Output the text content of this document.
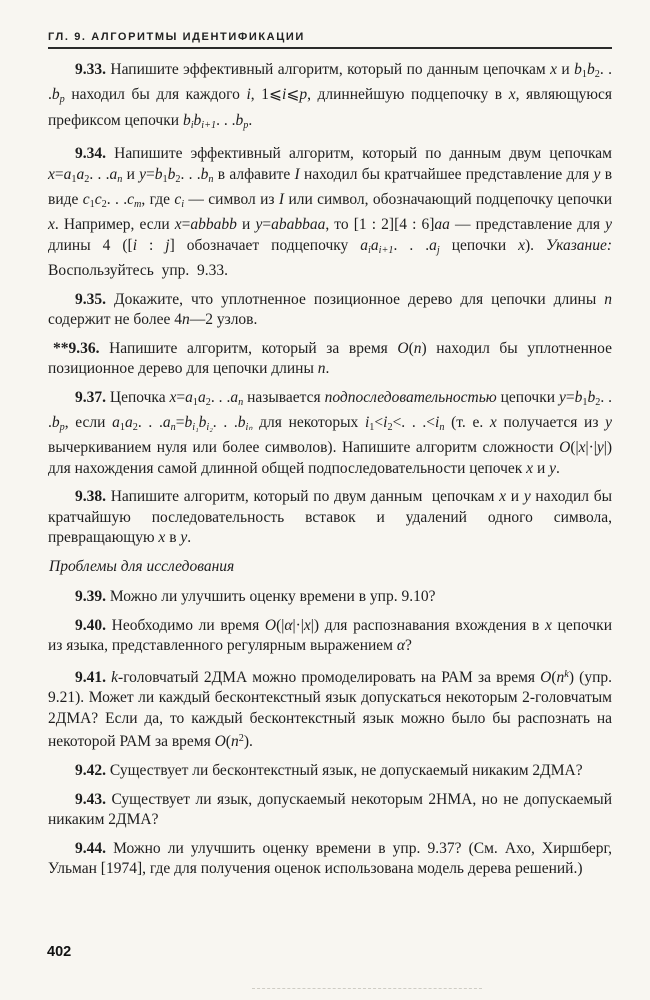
ГЛ. 9. АЛГОРИТМЫ ИДЕНТИФИКАЦИИ

9.33. Напишите эффективный алгоритм, который по данным цепочкам x и $b_1b_2$. . .bp находил бы для каждого i, 1⩽i⩽p, длиннейшую подцепочку в x, являющуюся префиксом цепочки bibi+1. . .bp.

9.34. Напишите эффективный алгоритм, который по данным двум цепочкам $x=a_1a_2$. . .an и $y=b_1b_2$. . .bn в алфавите I находил бы кратчайшее представление для y в виде $c_1c_2$. . .cm, где ci — символ из I или символ, обозначающий подцепочку цепочки x. Например, если x=abbabb и y=ababbaa, то [1 : 2][4 : 6]aa — представление для y длины 4 ([i : j] обозначает подцепочку aiai+1. . .aj цепочки x). Указание:  Воспользуйтесь  упр.  9.33.

9.35. Докажите, что уплотненное позиционное дерево для цепочки длины n содержит не более 4n—2 узлов.

**9.36. Напишите алгоритм, который за время O(n) находил бы уплотненное позиционное дерево для цепочки длины n.

9.37. Цепочка $x=a_1a_2$. . .an называется подпоследовательностью цепочки $y=b_1b_2$. . .bp, если $a_1a_2$. . .an=bi₁bi₂. . .biₙ для некоторых $i_1<i_2<$. . .<in (т. е. x получается из y вычеркиванием нуля или более символов). Напишите алгоритм сложности O(|x|·|y|) для нахождения самой длинной общей подпоследовательности цепочек x и y.

9.38. Напишите алгоритм, который по двум данным  цепочкам x и y находил бы кратчайшую последовательность вставок и удалений одного символа, превращающую x в y.

Проблемы для исследования

9.39. Можно ли улучшить оценку времени в упр. 9.10?

9.40. Необходимо ли время O(|α|·|x|) для распознавания вхождения в x цепочки из языка, представленного регулярным выражением α?

9.41. k-головчатый 2ДМА можно промоделировать на РАМ за время $O(n^k)$ (упр. 9.21). Может ли каждый бесконтекстный язык допускаться некоторым 2-головчатым 2ДМА? Если да, то каждый бесконтекстный язык можно было бы распознать на некоторой РАМ за время $O(n^2)$.

9.42. Существует ли бесконтекстный язык, не допускаемый никаким 2ДМА?

9.43. Существует ли язык, допускаемый некоторым 2НМА, но не допускаемый никаким 2ДМА?

9.44. Можно ли улучшить оценку времени в упр. 9.37? (См. Ахо, Хиршберг, Ульман [1974], где для получения оценок использована модель дерева решений.)

402
